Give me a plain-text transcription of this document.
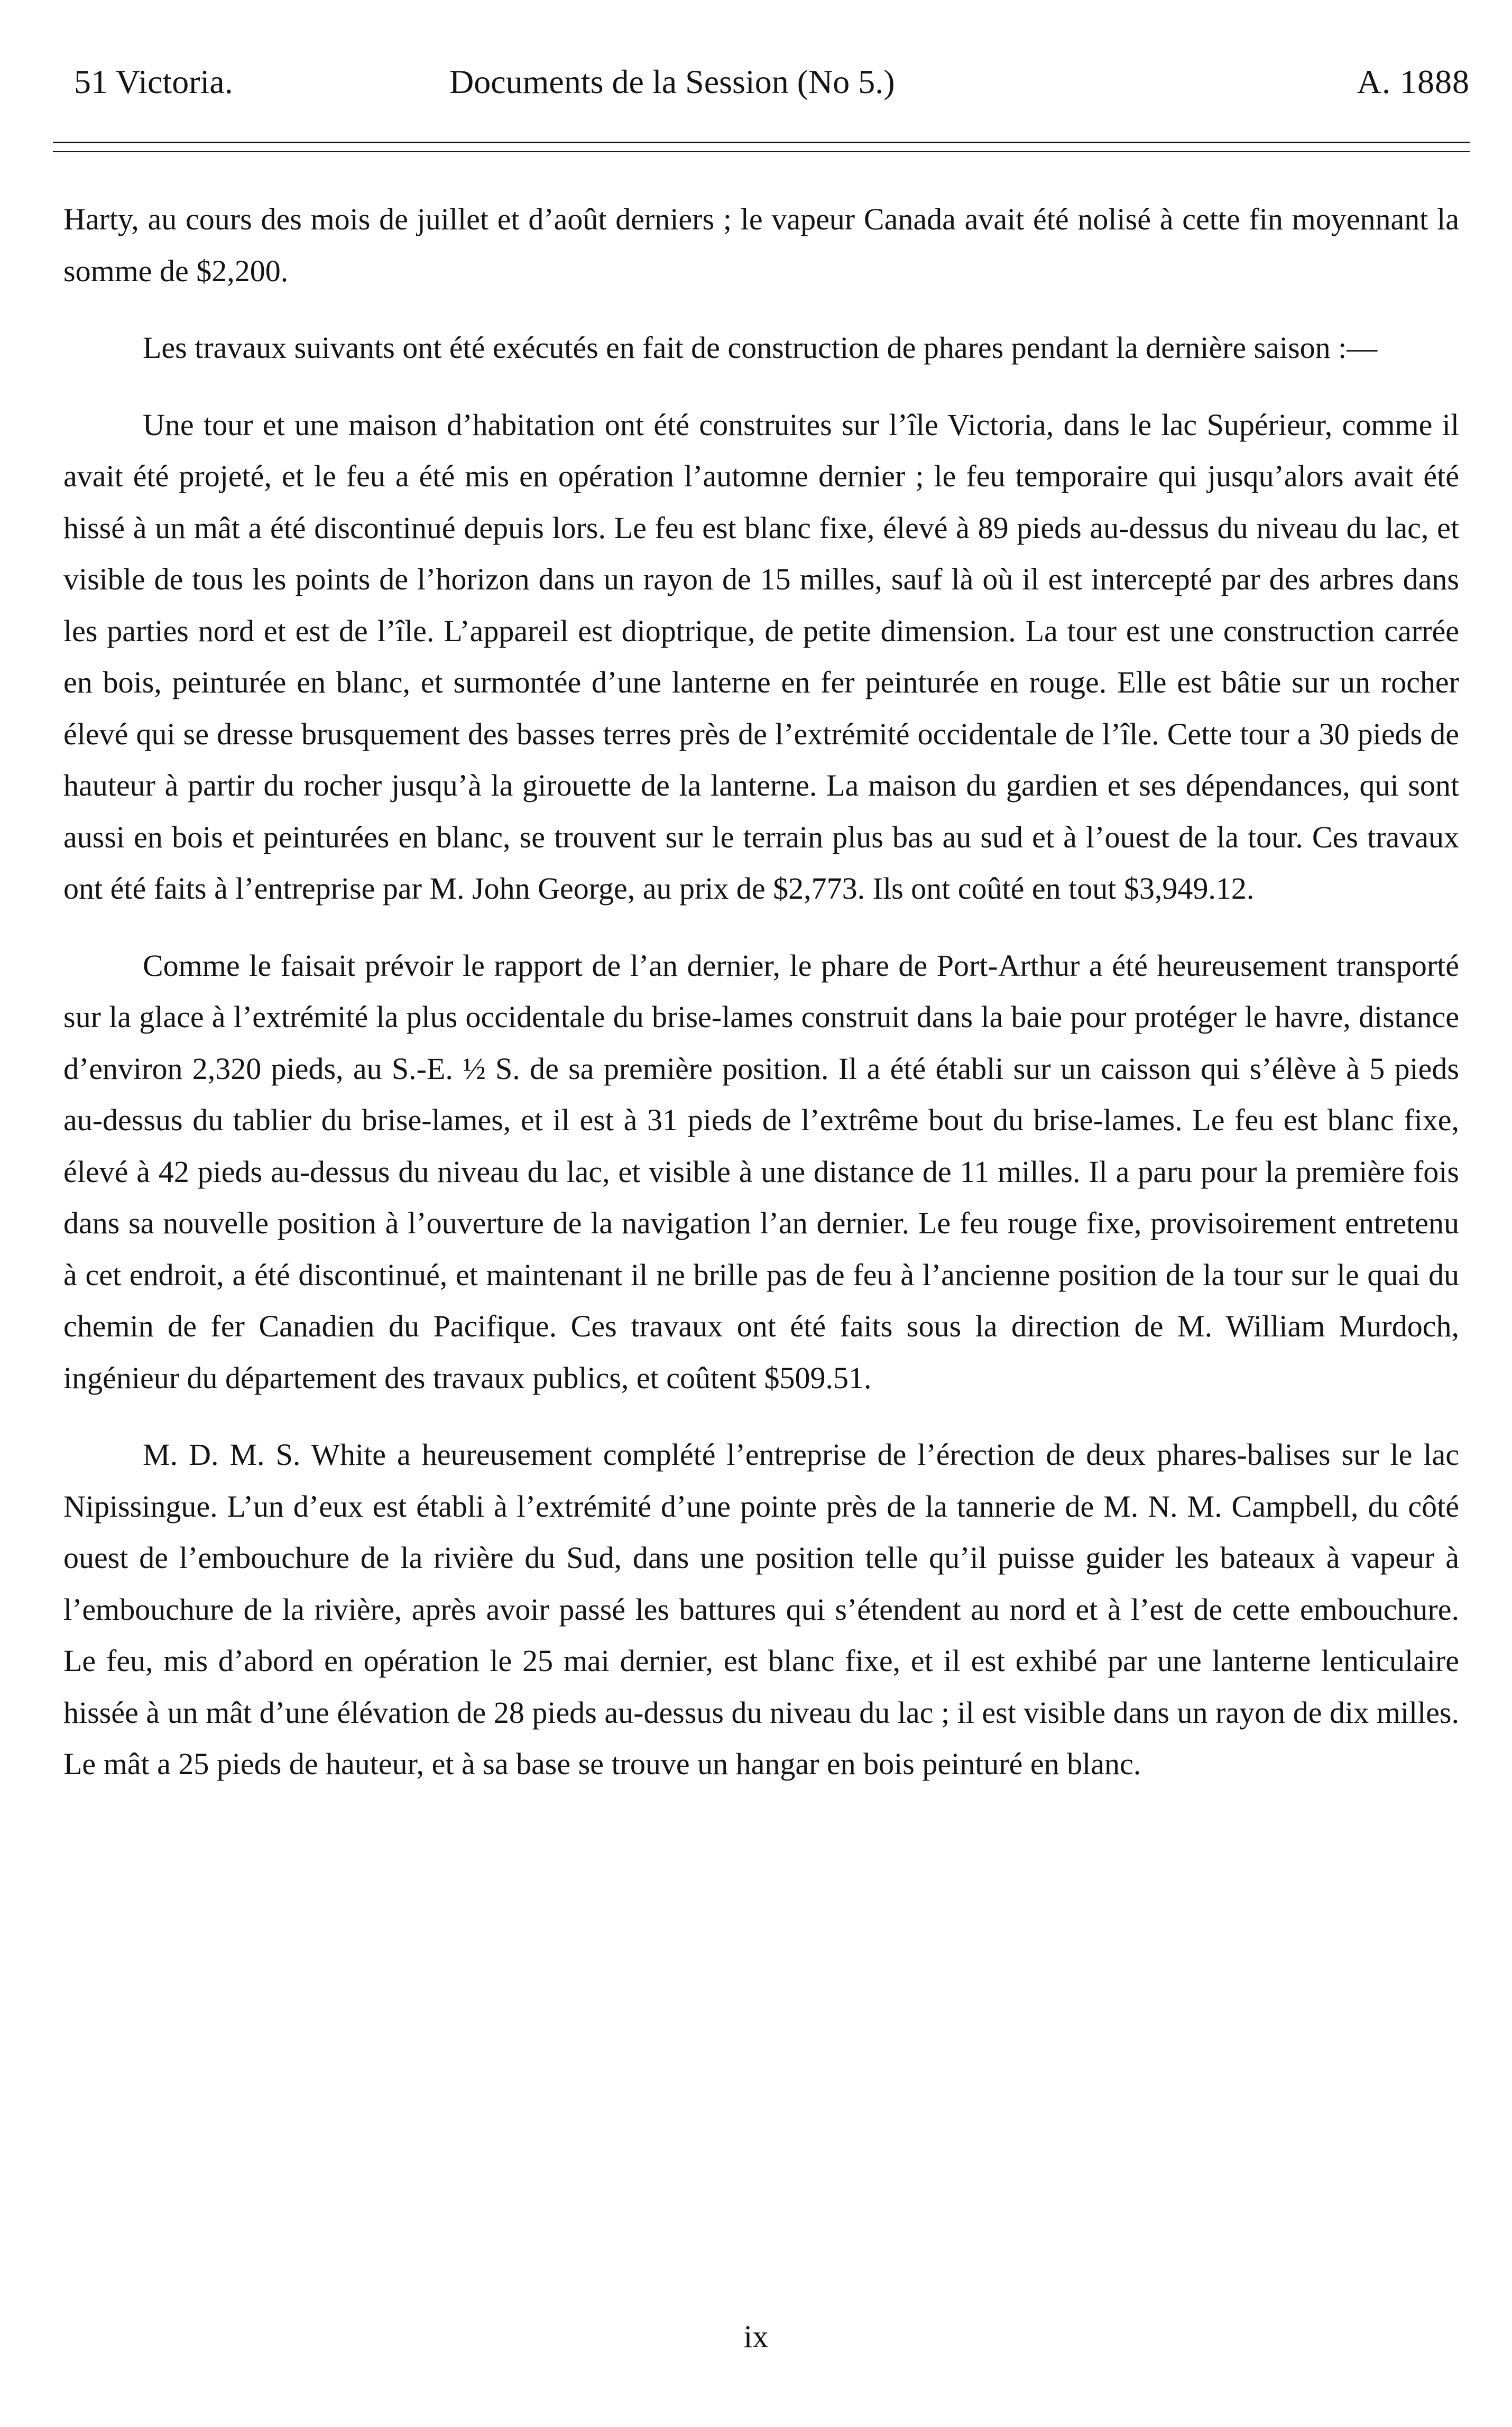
51 Victoria.	Documents de la Session (No 5.)	A. 1888

Harty, au cours des mois de juillet et d’août derniers ; le vapeur Canada avait été nolisé à cette fin moyennant la somme de $2,200.

Les travaux suivants ont été exécutés en fait de construction de phares pendant la dernière saison :—

Une tour et une maison d’habitation ont été construites sur l’île Victoria, dans le lac Supérieur, comme il avait été projeté, et le feu a été mis en opération l’automne dernier ; le feu temporaire qui jusqu’alors avait été hissé à un mât a été discontinué depuis lors. Le feu est blanc fixe, élevé à 89 pieds au-dessus du niveau du lac, et visible de tous les points de l’horizon dans un rayon de 15 milles, sauf là où il est intercepté par des arbres dans les parties nord et est de l’île. L’appareil est dioptrique, de petite dimension. La tour est une construction carrée en bois, peinturée en blanc, et surmontée d’une lanterne en fer peinturée en rouge. Elle est bâtie sur un rocher élevé qui se dresse brusquement des basses terres près de l’extrémité occidentale de l’île. Cette tour a 30 pieds de hauteur à partir du rocher jusqu’à la girouette de la lanterne. La maison du gardien et ses dépendances, qui sont aussi en bois et peinturées en blanc, se trouvent sur le terrain plus bas au sud et à l’ouest de la tour. Ces travaux ont été faits à l’entreprise par M. John George, au prix de $2,773. Ils ont coûté en tout $3,949.12.

Comme le faisait prévoir le rapport de l’an dernier, le phare de Port-Arthur a été heureusement transporté sur la glace à l’extrémité la plus occidentale du brise-lames construit dans la baie pour protéger le havre, distance d’environ 2,320 pieds, au S.-E. ½ S. de sa première position. Il a été établi sur un caisson qui s’élève à 5 pieds au-dessus du tablier du brise-lames, et il est à 31 pieds de l’extrême bout du brise-lames. Le feu est blanc fixe, élevé à 42 pieds au-dessus du niveau du lac, et visible à une distance de 11 milles. Il a paru pour la première fois dans sa nouvelle position à l’ouverture de la navigation l’an dernier. Le feu rouge fixe, provisoirement entretenu à cet endroit, a été discontinué, et maintenant il ne brille pas de feu à l’ancienne position de la tour sur le quai du chemin de fer Canadien du Pacifique. Ces travaux ont été faits sous la direction de M. William Murdoch, ingénieur du département des travaux publics, et coûtent $509.51.

M. D. M. S. White a heureusement complété l’entreprise de l’érection de deux phares-balises sur le lac Nipissingue. L’un d’eux est établi à l’extrémité d’une pointe près de la tannerie de M. N. M. Campbell, du côté ouest de l’embouchure de la rivière du Sud, dans une position telle qu’il puisse guider les bateaux à vapeur à l’embouchure de la rivière, après avoir passé les battures qui s’étendent au nord et à l’est de cette embouchure. Le feu, mis d’abord en opération le 25 mai dernier, est blanc fixe, et il est exhibé par une lanterne lenticulaire hissée à un mât d’une élévation de 28 pieds au-dessus du niveau du lac ; il est visible dans un rayon de dix milles. Le mât a 25 pieds de hauteur, et à sa base se trouve un hangar en bois peinturé en blanc.

ix
